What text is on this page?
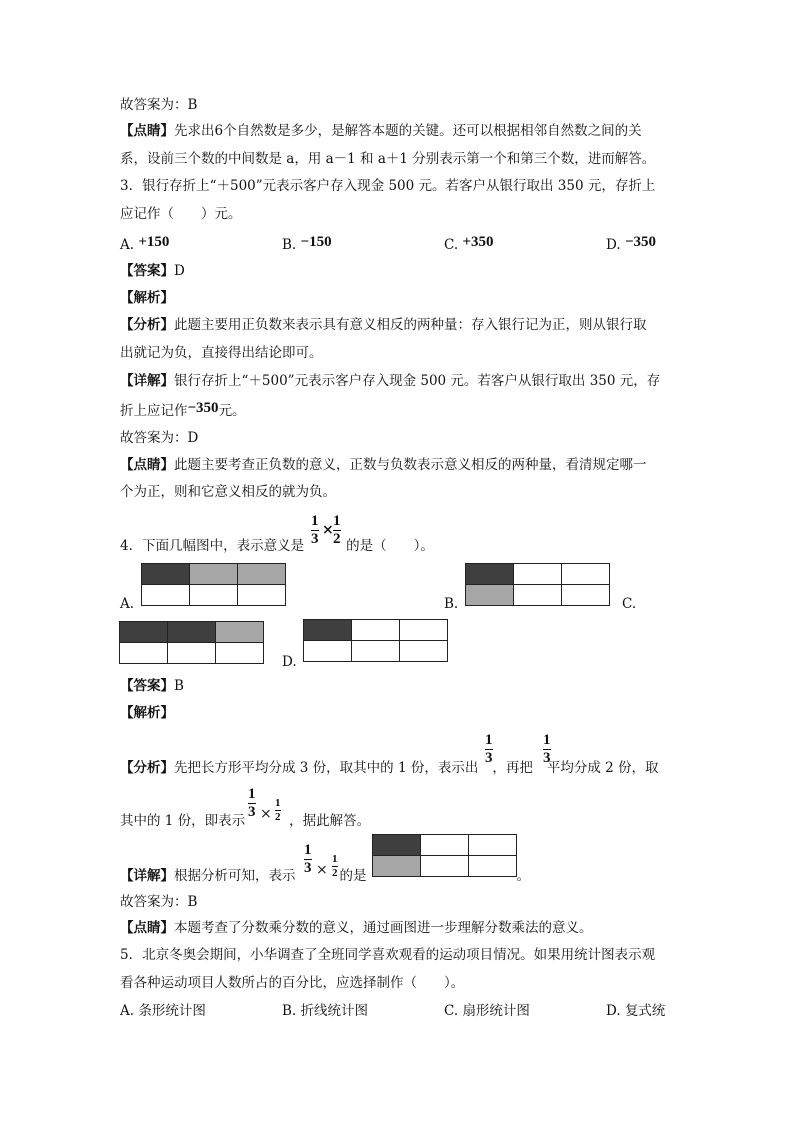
故答案为：B
【点睛】先求出6个自然数是多少，是解答本题的关键。还可以根据相邻自然数之间的关
系，设前三个数的中间数是 a，用 a－1 和 a＋1 分别表示第一个和第三个数，进而解答。
3．银行存折上“＋500”元表示客户存入现金 500 元。若客户从银行取出 350 元，存折上
应记作（　　）元。
A. +150	B. −150	C. +350	D. −350
【答案】D
【解析】
【分析】此题主要用正负数来表示具有意义相反的两种量：存入银行记为正，则从银行取
出就记为负，直接得出结论即可。
【详解】银行存折上“＋500”元表示客户存入现金 500 元。若客户从银行取出 350 元，存
折上应记作−350元。
故答案为：D
【点睛】此题主要考查正负数的意义，正数与负数表示意义相反的两种量，看清规定哪一
个为正，则和它意义相反的就为负。
4．下面几幅图中，表示意义是	的是（　　）。
1
3
×
1
2

A.	B.

			C.

D.

【答案】B
【解析】
【分析】先把长方形平均分成 3 份，取其中的 1 份，表示出 ，再把 平均分成 2 份，取
1
3
1
3
其中的 1 份，即表示	，据此解答。
1
3 ×
1
2
【详解】根据分析可知，表示	的是	。
1
3 ×
1
2

故答案为：B
【点睛】本题考查了分数乘分数的意义，通过画图进一步理解分数乘法的意义。
5．北京冬奥会期间，小华调查了全班同学喜欢观看的运动项目情况。如果用统计图表示观
看各种运动项目人数所占的百分比，应选择制作（　　）。
A. 条形统计图	B. 折线统计图	C. 扇形统计图	D. 复式统
